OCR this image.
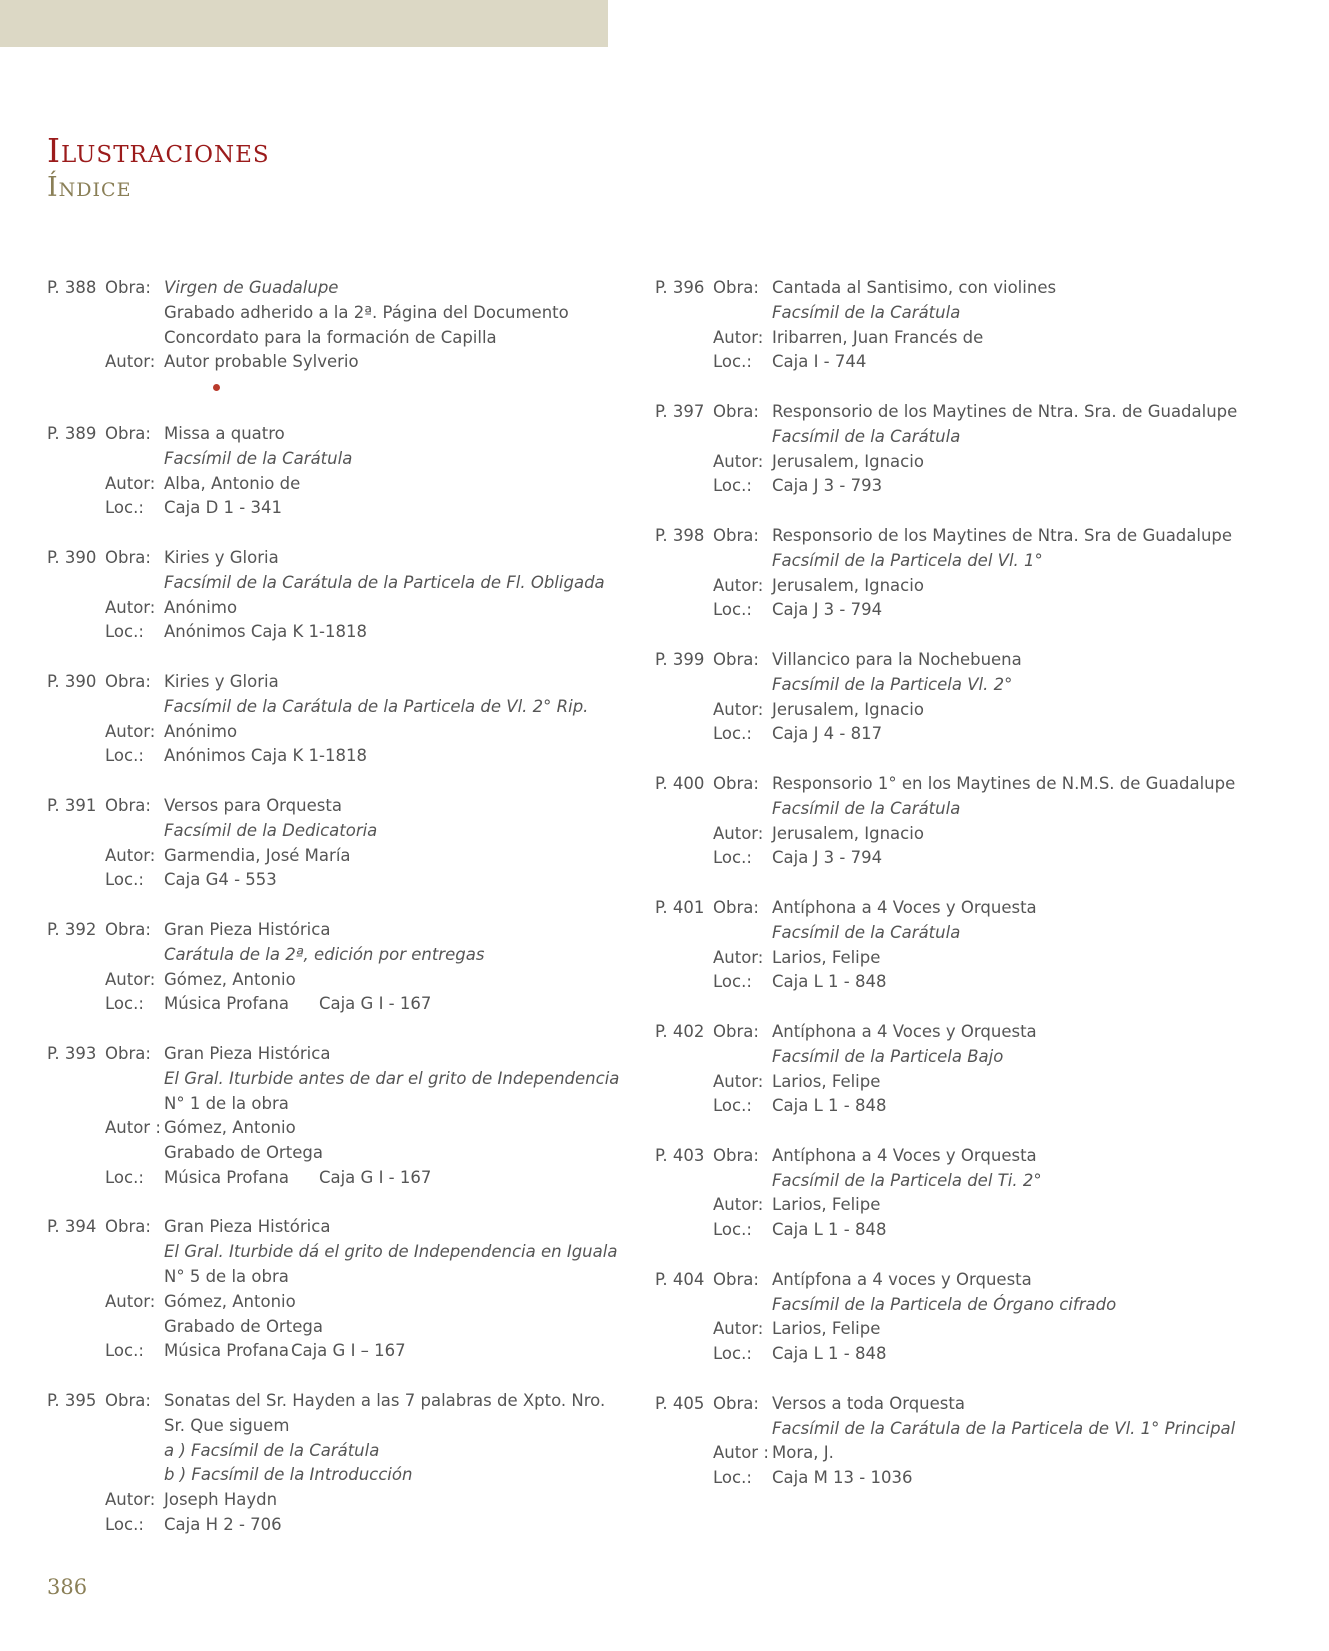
Ilustraciones
Índice
P. 388 Obra: Virgen de Guadalupe
Grabado adherido a la 2ª. Página del Documento
Concordato para la formación de Capilla
Autor: Autor probable Sylverio
P. 389 Obra: Missa a quatro
Facsímil de la Carátula
Autor: Alba, Antonio de
Loc.:	Caja D 1 - 341
P. 390 Obra: Kiries y Gloria
Facsímil de la Carátula de la Particela de Fl. Obligada
Autor: Anónimo
Loc.:	Anónimos Caja K 1-1818
P. 390 Obra: Kiries y Gloria
Facsímil de la Carátula de la Particela de Vl. 2° Rip.
Autor: Anónimo
Loc.:	Anónimos Caja K 1-1818
P. 391 Obra: Versos para Orquesta
Facsímil de la Dedicatoria
Autor: Garmendia, José María
Loc.:	Caja G4 - 553
P. 392 Obra: Gran Pieza Histórica
Carátula de la 2ª, edición por entregas
Autor: Gómez, Antonio
Loc.:	Música Profana Caja G I - 167
P. 393 Obra: Gran Pieza Histórica
El Gral. Iturbide antes de dar el grito de Independencia
N° 1 de la obra
Autor : Gómez, Antonio
Grabado de Ortega
Loc.:	Música Profana Caja G I - 167
P. 394 Obra: Gran Pieza Histórica
El Gral. Iturbide dá el grito de Independencia en Iguala
N° 5 de la obra
Autor: Gómez, Antonio
Grabado de Ortega
Loc.:	Música Profana Caja G I – 167
P. 395 Obra: Sonatas del Sr. Hayden a las 7 palabras de Xpto. Nro.
Sr. Que siguem
a ) Facsímil de la Carátula
b ) Facsímil de la Introducción
Autor: Joseph Haydn
Loc.:	Caja H 2 - 706
P. 396 Obra: Cantada al Santisimo, con violines
Facsímil de la Carátula
Autor: Iribarren, Juan Francés de
Loc.:	Caja I - 744
P. 397 Obra: Responsorio de los Maytines de Ntra. Sra. de Guadalupe
Facsímil de la Carátula
Autor: Jerusalem, Ignacio
Loc.:	Caja J 3 - 793
P. 398 Obra: Responsorio de los Maytines de Ntra. Sra de Guadalupe
Facsímil de la Particela del Vl. 1°
Autor: Jerusalem, Ignacio
Loc.:	Caja J 3 - 794
P. 399 Obra: Villancico para la Nochebuena
Facsímil de la Particela Vl. 2°
Autor: Jerusalem, Ignacio
Loc.:	Caja J 4 - 817
P. 400 Obra: Responsorio 1° en los Maytines de N.M.S. de Guadalupe
Facsímil de la Carátula
Autor: Jerusalem, Ignacio
Loc.:	Caja J 3 - 794
P. 401 Obra: Antíphona a 4 Voces y Orquesta
Facsímil de la Carátula
Autor: Larios, Felipe
Loc.:	Caja L 1 - 848
P. 402 Obra: Antíphona a 4 Voces y Orquesta
Facsímil de la Particela Bajo
Autor: Larios, Felipe
Loc.:	Caja L 1 - 848
P. 403 Obra: Antíphona a 4 Voces y Orquesta
Facsímil de la Particela del Ti. 2°
Autor: Larios, Felipe
Loc.:	Caja L 1 - 848
P. 404 Obra: Antípfona a 4 voces y Orquesta
Facsímil de la Particela de Órgano cifrado
Autor: Larios, Felipe
Loc.:	Caja L 1 - 848
P. 405 Obra: Versos a toda Orquesta
Facsímil de la Carátula de la Particela de Vl. 1° Principal
Autor : Mora, J.
Loc.:	Caja M 13 - 1036
386
